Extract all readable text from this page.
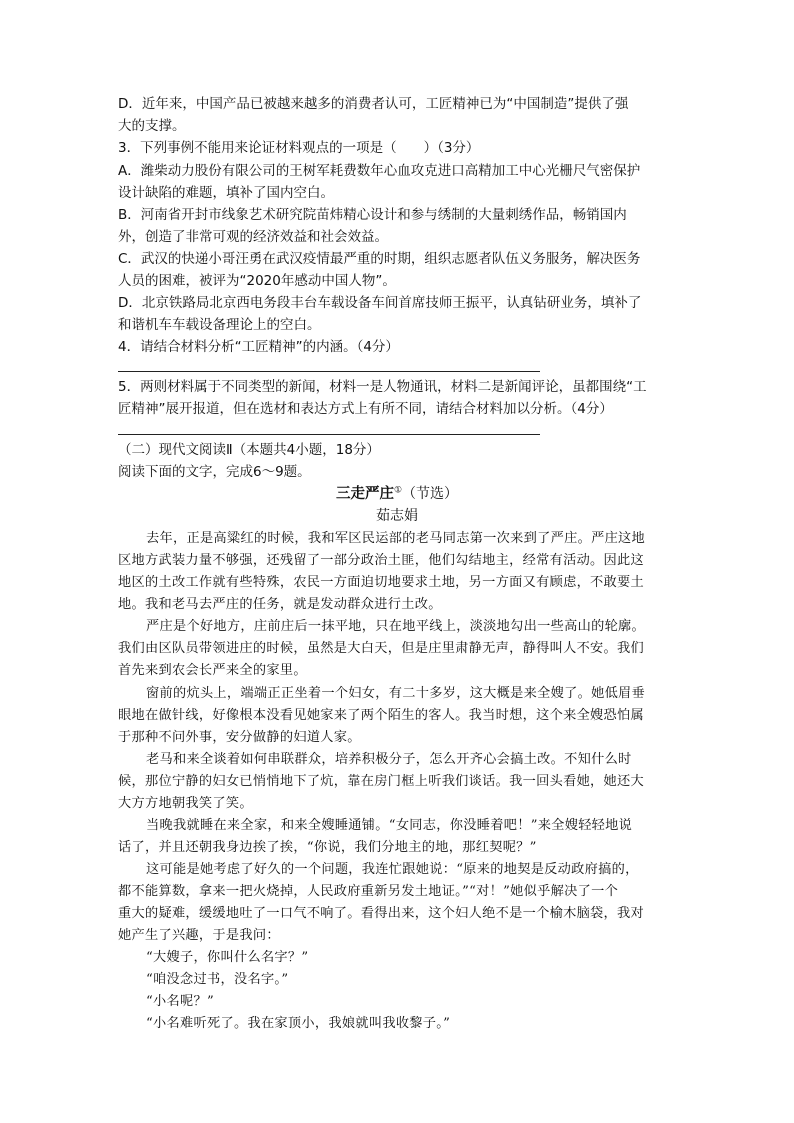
D．近年来，中国产品已被越来越多的消费者认可，工匠精神已为“中国制造”提供了强
大的支撑。
3．下列事例不能用来论证材料观点的一项是（　　）（3分）
A．潍柴动力股份有限公司的王树军耗费数年心血攻克进口高精加工中心光栅尺气密保护
设计缺陷的难题，填补了国内空白。
B．河南省开封市线象艺术研究院苗炜精心设计和参与绣制的大量刺绣作品，畅销国内
外，创造了非常可观的经济效益和社会效益。
C．武汉的快递小哥汪勇在武汉疫情最严重的时期，组织志愿者队伍义务服务，解决医务
人员的困难，被评为“2020年感动中国人物”。
D．北京铁路局北京西电务段丰台车载设备车间首席技师王振平，认真钻研业务，填补了
和谐机车车载设备理论上的空白。
4．请结合材料分析“工匠精神”的内涵。（4分）
5．两则材料属于不同类型的新闻，材料一是人物通讯，材料二是新闻评论，虽都围绕“工
匠精神”展开报道，但在选材和表达方式上有所不同，请结合材料加以分析。（4分）
（二）现代文阅读Ⅱ（本题共4小题，18分）
阅读下面的文字，完成6～9题。
三走严庄①（节选）
茹志娟
去年，正是高粱红的时候，我和军区民运部的老马同志第一次来到了严庄。严庄这地
区地方武装力量不够强，还残留了一部分政治土匪，他们勾结地主，经常有活动。因此这
地区的土改工作就有些特殊，农民一方面迫切地要求土地，另一方面又有顾虑，不敢要土
地。我和老马去严庄的任务，就是发动群众进行土改。
严庄是个好地方，庄前庄后一抹平地，只在地平线上，淡淡地勾出一些高山的轮廓。
我们由区队员带领进庄的时候，虽然是大白天，但是庄里肃静无声，静得叫人不安。我们
首先来到农会长严来全的家里。
窗前的炕头上，端端正正坐着一个妇女，有二十多岁，这大概是来全嫂了。她低眉垂
眼地在做针线，好像根本没看见她家来了两个陌生的客人。我当时想，这个来全嫂恐怕属
于那种不问外事，安分做静的妇道人家。
老马和来全谈着如何串联群众，培养积极分子，怎么开齐心会搞土改。不知什么时
候，那位宁静的妇女已悄悄地下了炕，靠在房门框上听我们谈话。我一回头看她，她还大
大方方地朝我笑了笑。
当晚我就睡在来全家，和来全嫂睡通铺。“女同志，你没睡着吧！”来全嫂轻轻地说
话了，并且还朝我身边挨了挨，“你说，我们分地主的地，那红契呢？”
这可能是她考虑了好久的一个问题，我连忙跟她说：“原来的地契是反动政府搞的，
都不能算数，拿来一把火烧掉，人民政府重新另发土地证。”“对！”她似乎解决了一个
重大的疑难，缓缓地吐了一口气不响了。看得出来，这个妇人绝不是一个榆木脑袋，我对
她产生了兴趣，于是我问：
“大嫂子，你叫什么名字？”
“咱没念过书，没名字。”
“小名呢？”
“小名难听死了。我在家顶小，我娘就叫我收黎子。”
